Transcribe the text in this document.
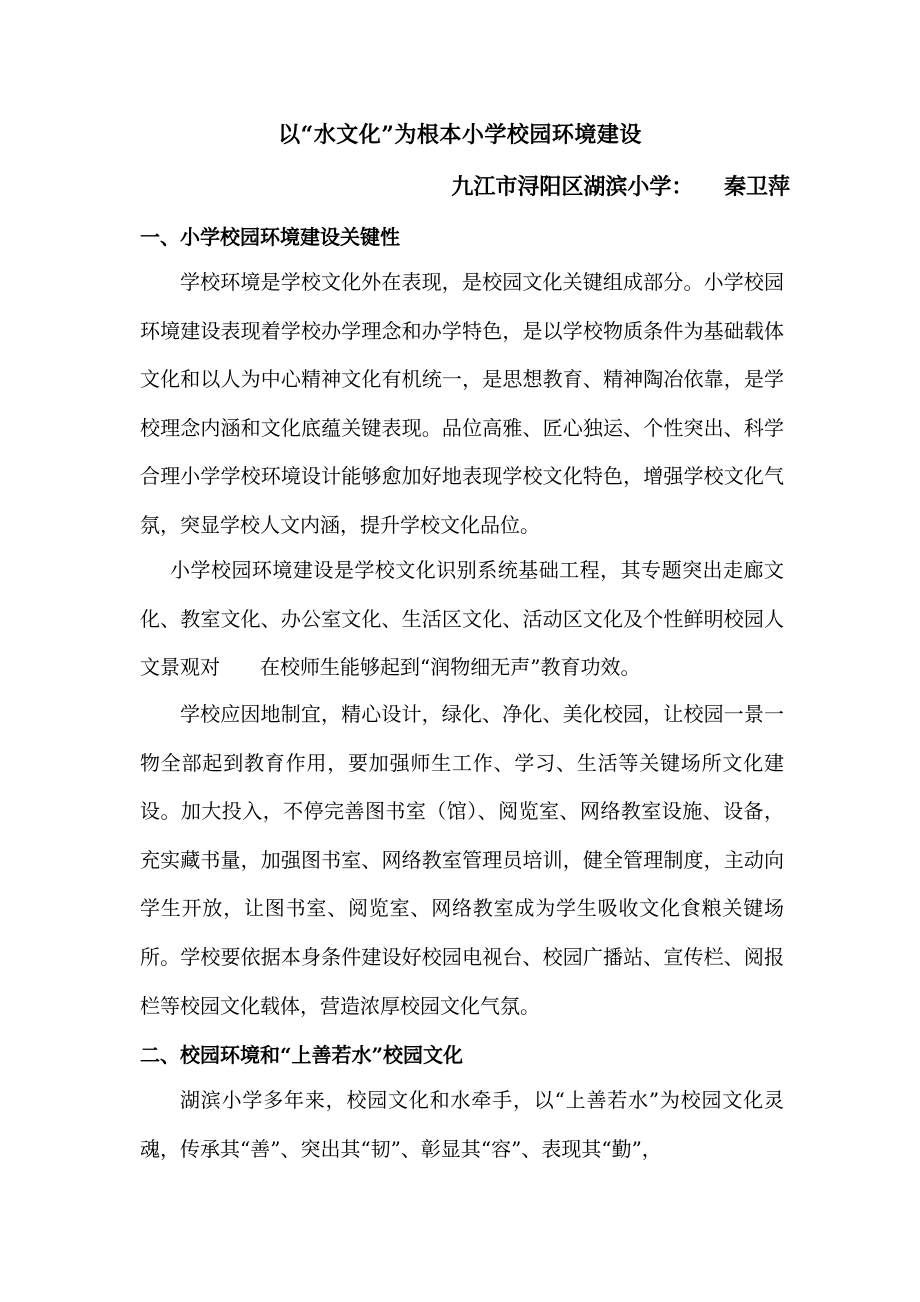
以“水文化”为根本小学校园环境建设

九江市浔阳区湖滨小学：    秦卫萍

一、小学校园环境建设关键性

学校环境是学校文化外在表现，是校园文化关键组成部分。小学校园环境建设表现着学校办学理念和办学特色，是以学校物质条件为基础载体文化和以人为中心精神文化有机统一，是思想教育、精神陶冶依靠，是学校理念内涵和文化底蕴关键表现。品位高雅、匠心独运、个性突出、科学合理小学学校环境设计能够愈加好地表现学校文化特色，增强学校文化气氛，突显学校人文内涵，提升学校文化品位。

小学校园环境建设是学校文化识别系统基础工程，其专题突出走廊文化、教室文化、办公室文化、生活区文化、活动区文化及个性鲜明校园人文景观对　　在校师生能够起到“润物细无声”教育功效。

学校应因地制宜，精心设计，绿化、净化、美化校园，让校园一景一物全部起到教育作用，要加强师生工作、学习、生活等关键场所文化建设。加大投入，不停完善图书室（馆）、阅览室、网络教室设施、设备，充实藏书量，加强图书室、网络教室管理员培训，健全管理制度，主动向学生开放，让图书室、阅览室、网络教室成为学生吸收文化食粮关键场所。学校要依据本身条件建设好校园电视台、校园广播站、宣传栏、阅报栏等校园文化载体，营造浓厚校园文化气氛。

二、校园环境和“上善若水”校园文化

湖滨小学多年来，校园文化和水牵手，以“上善若水”为校园文化灵魂，传承其“善”、突出其“韧”、彰显其“容”、表现其“勤”，
